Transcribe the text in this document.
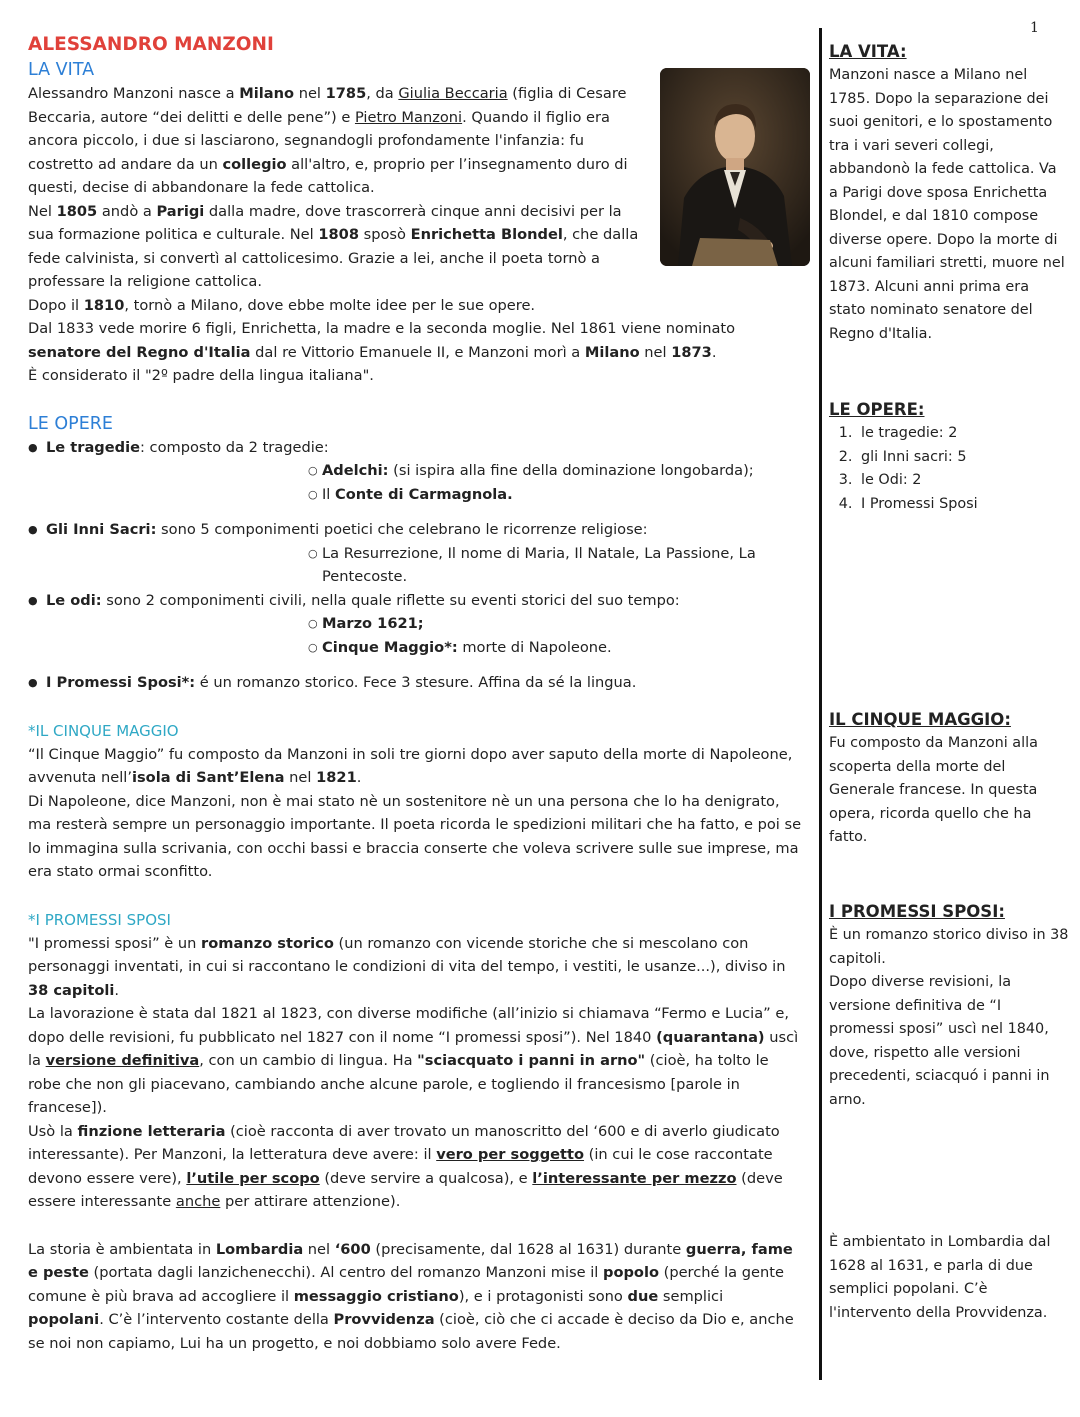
1
ALESSANDRO MANZONI
LA VITA

Alessandro Manzoni nasce a Milano nel 1785, da Giulia Beccaria (figlia di Cesare Beccaria, autore “dei delitti e delle pene”) e Pietro Manzoni. Quando il figlio era ancora piccolo, i due si lasciarono, segnandogli profondamente l'infanzia: fu costretto ad andare da un collegio all'altro, e, proprio per l’insegnamento duro di questi, decise di abbandonare la fede cattolica.

Nel 1805 andò a Parigi dalla madre, dove trascorrerà cinque anni decisivi per la sua formazione politica e culturale. Nel 1808 sposò Enrichetta Blondel, che dalla fede calvinista, si convertì al cattolicesimo. Grazie a lei, anche il poeta tornò a professare la religione cattolica.

Dopo il 1810, tornò a Milano, dove ebbe molte idee per le sue opere.

Dal 1833 vede morire 6 figli, Enrichetta, la madre e la seconda moglie. Nel 1861 viene nominato senatore del Regno d'Italia dal re Vittorio Emanuele II, e Manzoni morì a Milano nel 1873.

È considerato il "2º padre della lingua italiana".

LE OPERE
● Le tragedie: composto da 2 tragedie:
○ Adelchi: (si ispira alla fine della dominazione longobarda);
○ Il Conte di Carmagnola.
● Gli Inni Sacri: sono 5 componimenti poetici che celebrano le ricorrenze religiose:
○ La Resurrezione, Il nome di Maria, Il Natale, La Passione, La Pentecoste.
● Le odi: sono 2 componimenti civili, nella quale riflette su eventi storici del suo tempo:
○ Marzo 1621;
○ Cinque Maggio*: morte di Napoleone.
● I Promessi Sposi*: é un romanzo storico. Fece 3 stesure. Affina da sé la lingua.
*IL CINQUE MAGGIO

“Il Cinque Maggio” fu composto da Manzoni in soli tre giorni dopo aver saputo della morte di Napoleone, avvenuta nell’isola di Sant’Elena nel 1821.

Di Napoleone, dice Manzoni, non è mai stato nè un sostenitore nè un una persona che lo ha denigrato, ma resterà sempre un personaggio importante. Il poeta ricorda le spedizioni militari che ha fatto, e poi se lo immagina sulla scrivania, con occhi bassi e braccia conserte che voleva scrivere sulle sue imprese, ma era stato ormai sconfitto.

*I PROMESSI SPOSI

"I promessi sposi” è un romanzo storico (un romanzo con vicende storiche che si mescolano con personaggi inventati, in cui si raccontano le condizioni di vita del tempo, i vestiti, le usanze...), diviso in 38 capitoli.

La lavorazione è stata dal 1821 al 1823, con diverse modifiche (all’inizio si chiamava “Fermo e Lucia” e, dopo delle revisioni, fu pubblicato nel 1827 con il nome “I promessi sposi”). Nel 1840 (quarantana) uscì la versione definitiva, con un cambio di lingua. Ha "sciacquato i panni in arno" (cioè, ha tolto le robe che non gli piacevano, cambiando anche alcune parole, e togliendo il francesismo [parole in francese]).

Usò la finzione letteraria (cioè racconta di aver trovato un manoscritto del ‘600 e di averlo giudicato interessante). Per Manzoni, la letteratura deve avere: il vero per soggetto (in cui le cose raccontate devono essere vere), l’utile per scopo (deve servire a qualcosa), e l’interessante per mezzo (deve essere interessante anche per attirare attenzione).

La storia è ambientata in Lombardia nel ‘600 (precisamente, dal 1628 al 1631) durante guerra, fame e peste (portata dagli lanzichenecchi). Al centro del romanzo Manzoni mise il popolo (perché la gente comune è più brava ad accogliere il messaggio cristiano), e i protagonisti sono due semplici popolani. C’è l’intervento costante della Provvidenza (cioè, ciò che ci accade è deciso da Dio e, anche se noi non capiamo, Lui ha un progetto, e noi dobbiamo solo avere Fede.

LA VITA:

Manzoni nasce a Milano nel 1785. Dopo la separazione dei suoi genitori, e lo spostamento tra i vari severi collegi, abbandonò la fede cattolica. Va a Parigi dove sposa Enrichetta Blondel, e dal 1810 compose diverse opere. Dopo la morte di alcuni familiari stretti, muore nel 1873. Alcuni anni prima era stato nominato senatore del Regno d'Italia.

LE OPERE:

1. le tragedie: 2
2. gli Inni sacri: 5
3. le Odi: 2
4. I Promessi Sposi

IL CINQUE MAGGIO:

Fu composto da Manzoni alla scoperta della morte del Generale francese. In questa opera, ricorda quello che ha fatto.

I PROMESSI SPOSI:

È un romanzo storico diviso in 38 capitoli.

Dopo diverse revisioni, la versione definitiva de “I promessi sposi” uscì nel 1840, dove, rispetto alle versioni precedenti, sciacquó i panni in arno.

È ambientato in Lombardia dal 1628 al 1631, e parla di due semplici popolani. C’è l'intervento della Provvidenza.
